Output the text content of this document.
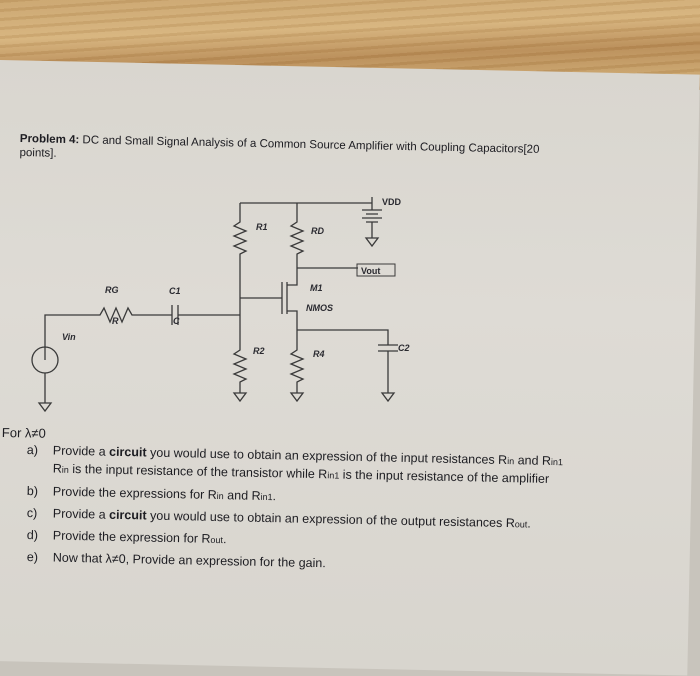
Problem 4: DC and Small Signal Analysis of a Common Source Amplifier with Coupling Capacitors[20
points].
VDD
R1	RD
Vout
RG
R
C1
C
M1
NMOS
Vin
R2	R4
C2
For λ≠0
a) Provide a circuit you would use to obtain an expression of the input resistances Rin and Rin1
Rin is the input resistance of the transistor while Rin1 is the input resistance of the amplifier
b) Provide the expressions for Rin and Rin1.
c) Provide a circuit you would use to obtain an expression of the output resistances Rout.
d) Provide the expression for Rout.
e) Now that λ≠0, Provide an expression for the gain.
